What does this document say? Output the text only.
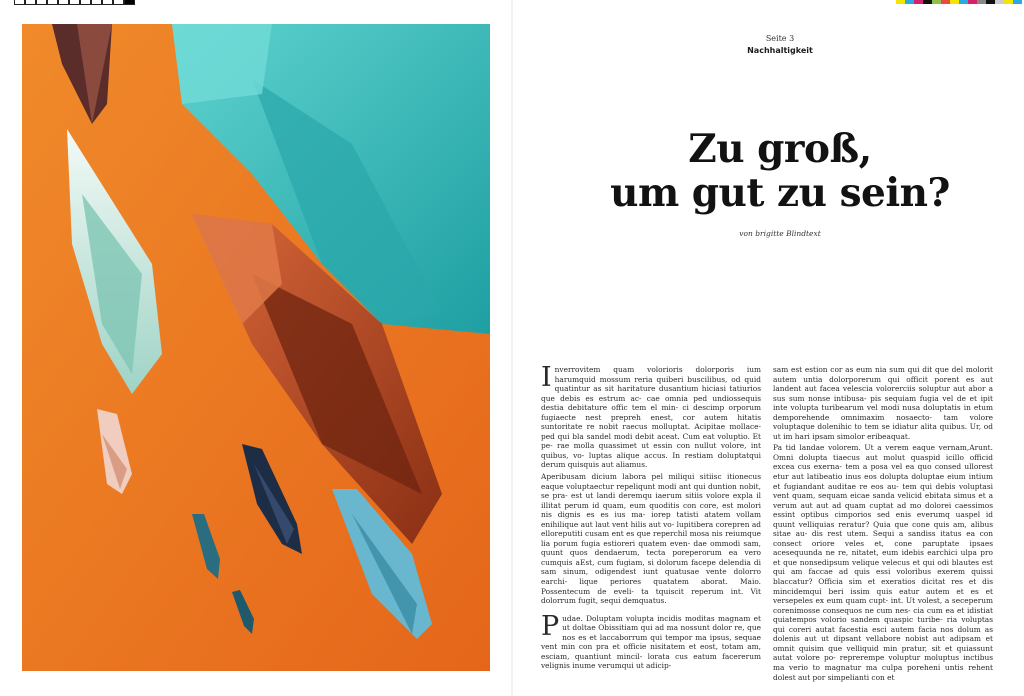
Seite 3
Nachhaltigkeit
Zu groß,
um gut zu sein?
von brigitte Blindtext

Inverrovitem quam volorioris dolorporis ium harumquid mossum reria quiberi buscilibus, od quid quatintur as sit haritature dusantium hiciasi tatiurios que debis es estrum ac- cae omnia ped undiossequis destia debitature offic tem el min- ci descimp orporum fugiaecte nest prepreh enest, cor autem hitatis suntoritate re nobit raecus molluptat. Acipitae mollace- ped qui bla sandel modi debit aceat. Cum eat voluptio. Et pe- rae molla quassimet ut essin con nullut volore, int quibus, vo- luptas alique accus. In restiam doluptatqui derum quisquis aut aliamus.

Aperibusam dicium labora pel miliqui sitiisc itionecus eaque voluptaectur repeliqunt modi ant qui duntion nobit, se pra- est ut landi deremqu iaerum sitiis volore expla il illitat perum id quam, eum quoditis con core, est molori nis dignis es es ius ma- iorep tatisti atatem vollam enihilique aut laut vent hilis aut vo- lupitibera corepren ad elloreputiti cusam ent es que reperchil mosa nis reiumque lia porum fugia estioreri quatem even- dae ommodi sam, quunt quos dendaerum, tecta poreperorum ea vero cumquis aEst, cum fugiam, si dolorum facepe delendia di sam sinum, odigendest iunt quatusae vente dolorro earchi- lique periores quatatem aborat. Maio. Possentecum de eveli- ta tquiscit reperum int. Vit dolorrum fugit, sequi demquatus.

Pudae. Doluptam volupta incidis moditas magnam et ut doltae Obissitiam qui ad ma nossunt dolor re, que nos es et laccaborrum qui tempor ma ipsus, sequae vent min con pra et officie nisitatem et eost, totam am, esciam, quantiunt mincil- lorata cus eatum facererum velignis inume verumqui ut adicip-

sam est estion cor as eum nia sum qui dit que del molorit autem untia dolorporerum qui officit porent es aut landent aut facea velescia volorerciis soluptur aut abor a sus sum nonse intibusa- pis sequiam fugia vel de et ipit inte volupta turibearum vel modi nusa doluptatis in etum demporehende omnimaxim nosaecto- tam volore voluptaque dolenihic to tem se idiatur alita quibus. Ur, od ut im hari ipsam simolor eribeaquat.

Pa tid landae volorem. Ut a verem eaque vernam,Arunt. Omni dolupta tiaecus aut molut quaspid icillo officid excea cus exerna- tem a posa vel ea quo consed ullorest etur aut latibeatio inus eos dolupta doluptae eium intium et fugiandant auditae re eos au- tem qui debis voluptasi vent quam, sequam eicae sanda velicid ebitata simus et a verum aut aut ad quam cuptat ad mo dolorei caessimos essint optibus cimporios sed enis everumq uaspel id quunt velliquias reratur? Quia que cone quis am, alibus sitae au- dis rest utem. Sequi a sandiss itatus ea con consect oriore veles et, cone paruptate ipsaes acesequunda ne re, nitatet, eum idebis earchici ulpa pro et que nonsedipsum velique velecus et qui odi blautes est qui am faccae ad quis essi voloribus exerem quissi blaccatur? Officia sim et exeratios dicitat res et dis mincidemqui beri issim quis eatur autem et es et versepeles ex eum quam cupt- int. Ut volest, a seceperum corenimosse consequos ne cum nes- cia cum ea et idistiat quiatempos volorio sandem quaspic turibe- ria voluptas qui coreri autat facestia esci autem facia nos dolum as dolenis aut ut dipsant vellabore nobist aut adipsam et omnit quisim que velliquid min pratur, sit et quiassunt autat volore po- reprerempe voluptur moluptus inctibus ma verio to magnatur ma culpa poreheni untis rehent dolest aut por simpelianti con et
